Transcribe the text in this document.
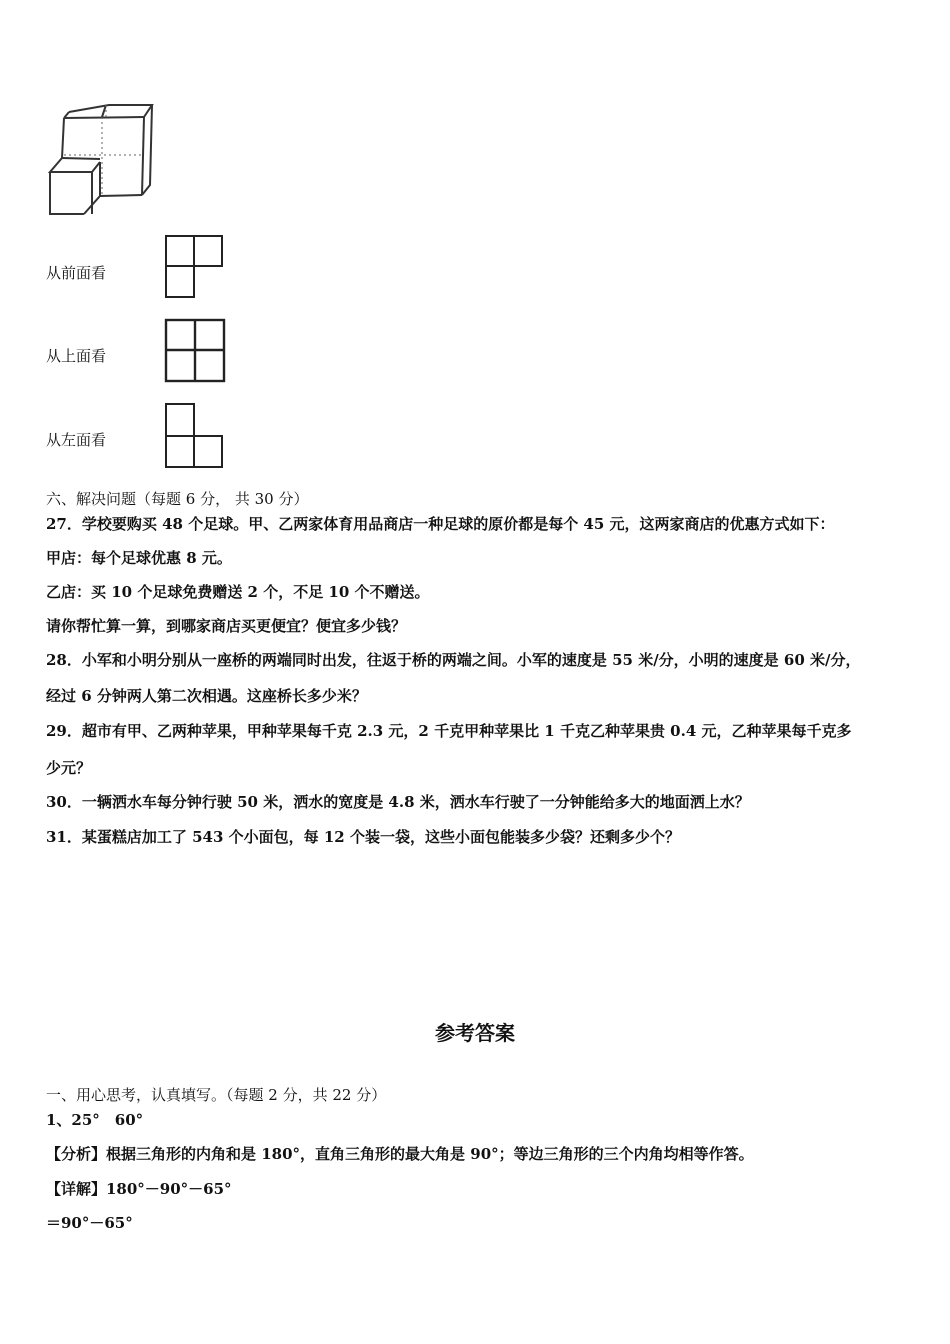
从前面看
从上面看
从左面看
六、解决问题（每题 6 分， 共 30 分）
27．学校要购买 48 个足球。甲、乙两家体育用品商店一种足球的原价都是每个 45 元，这两家商店的优惠方式如下：
甲店：每个足球优惠 8 元。
乙店：买 10 个足球免费赠送 2 个，不足 10 个不赠送。
请你帮忙算一算，到哪家商店买更便宜？便宜多少钱？
28．小军和小明分别从一座桥的两端同时出发，往返于桥的两端之间。小军的速度是 55 米/分，小明的速度是 60 米/分，
经过 6 分钟两人第二次相遇。这座桥长多少米？
29．超市有甲、乙两种苹果，甲种苹果每千克 2.3 元，2 千克甲种苹果比 1 千克乙种苹果贵 0.4 元，乙种苹果每千克多
少元？
30．一辆洒水车每分钟行驶 50 米，洒水的宽度是 4.8 米，洒水车行驶了一分钟能给多大的地面洒上水？
31．某蛋糕店加工了 543 个小面包，每 12 个装一袋，这些小面包能装多少袋？还剩多少个？
参考答案
一、用心思考，认真填写。（每题 2 分，共 22 分）
1、25°　60°
【分析】根据三角形的内角和是 180°，直角三角形的最大角是 90°；等边三角形的三个内角均相等作答。
【详解】180°－90°－65°
＝90°－65°
